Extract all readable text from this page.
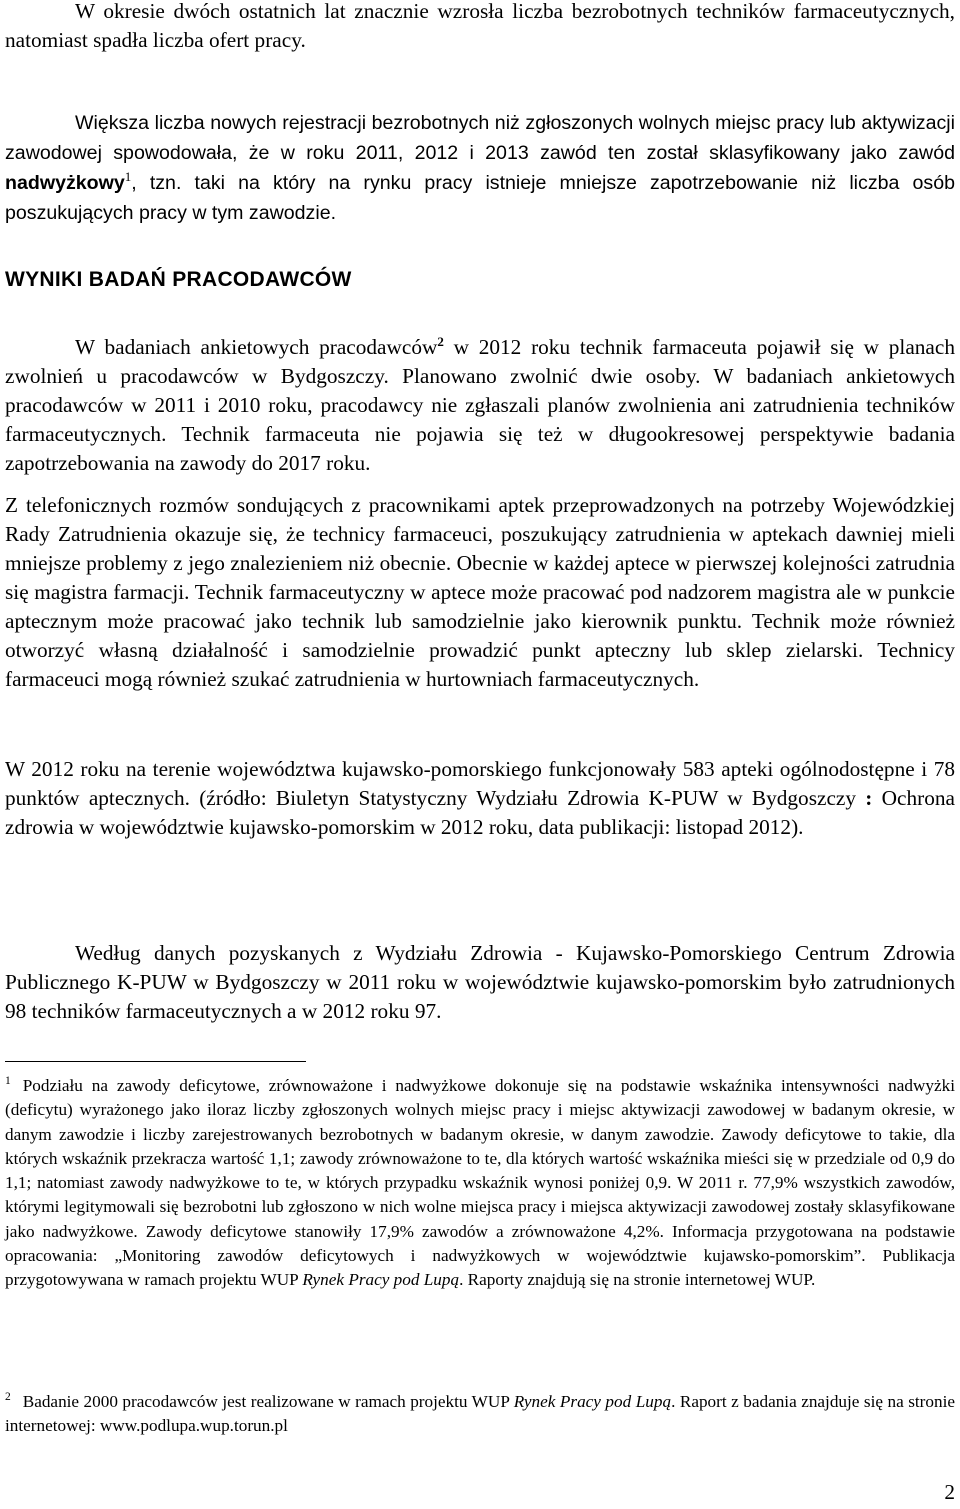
W okresie dwóch ostatnich lat znacznie wzrosła liczba bezrobotnych techników farmaceutycznych, natomiast spadła liczba ofert pracy.

Większa liczba nowych rejestracji bezrobotnych niż zgłoszonych wolnych miejsc pracy lub aktywizacji zawodowej spowodowała, że w roku 2011, 2012 i 2013 zawód ten został sklasyfikowany jako zawód nadwyżkowy$^1$, tzn. taki na który na rynku pracy istnieje mniejsze zapotrzebowanie niż liczba osób poszukujących pracy w tym zawodzie.

WYNIKI BADAŃ PRACODAWCÓW

W badaniach ankietowych pracodawców$^2$ w 2012 roku technik farmaceuta pojawił się w planach zwolnień u pracodawców w Bydgoszczy. Planowano zwolnić dwie osoby. W badaniach ankietowych pracodawców w 2011 i 2010 roku, pracodawcy nie zgłaszali planów zwolnienia ani zatrudnienia techników farmaceutycznych. Technik farmaceuta nie pojawia się też w długookresowej perspektywie badania zapotrzebowania na zawody do 2017 roku.

Z telefonicznych rozmów sondujących z pracownikami aptek przeprowadzonych na potrzeby Wojewódzkiej Rady Zatrudnienia okazuje się, że technicy farmaceuci, poszukujący zatrudnienia w aptekach dawniej mieli mniejsze problemy z jego znalezieniem niż obecnie. Obecnie w każdej aptece w pierwszej kolejności zatrudnia się magistra farmacji. Technik farmaceutyczny w aptece może pracować pod nadzorem magistra ale w punkcie aptecznym może pracować jako technik lub samodzielnie jako kierownik punktu. Technik może również otworzyć własną działalność i samodzielnie prowadzić punkt apteczny lub sklep zielarski. Technicy farmaceuci mogą również szukać zatrudnienia w hurtowniach farmaceutycznych.

W 2012 roku na terenie województwa kujawsko-pomorskiego funkcjonowały 583 apteki ogólnodostępne i 78 punktów aptecznych. (źródło: Biuletyn Statystyczny Wydziału Zdrowia K-PUW w Bydgoszczy : Ochrona zdrowia w województwie kujawsko-pomorskim w 2012 roku, data publikacji: listopad 2012).

Według danych pozyskanych z Wydziału Zdrowia - Kujawsko-Pomorskiego Centrum Zdrowia Publicznego K-PUW w Bydgoszczy w 2011 roku w województwie kujawsko-pomorskim było zatrudnionych 98 techników farmaceutycznych a w 2012 roku 97.

$^1$ Podziału na zawody deficytowe, zrównoważone i nadwyżkowe dokonuje się na podstawie wskaźnika intensywności nadwyżki (deficytu) wyrażonego jako iloraz liczby zgłoszonych wolnych miejsc pracy i miejsc aktywizacji zawodowej w badanym okresie, w danym zawodzie i liczby zarejestrowanych bezrobotnych w badanym okresie, w danym zawodzie. Zawody deficytowe to takie, dla których wskaźnik przekracza wartość 1,1; zawody zrównoważone to te, dla których wartość wskaźnika mieści się w przedziale od 0,9 do 1,1; natomiast zawody nadwyżkowe to te, w których przypadku wskaźnik wynosi poniżej 0,9. W 2011 r. 77,9% wszystkich zawodów, którymi legitymowali się bezrobotni lub zgłoszono w nich wolne miejsca pracy i miejsca aktywizacji zawodowej zostały sklasyfikowane jako nadwyżkowe. Zawody deficytowe stanowiły 17,9% zawodów a zrównoważone 4,2%. Informacja przygotowana na podstawie opracowania: „Monitoring zawodów deficytowych i nadwyżkowych w województwie kujawsko-pomorskim”. Publikacja przygotowywana w ramach projektu WUP Rynek Pracy pod Lupą. Raporty znajdują się na stronie internetowej WUP.

$^2$ Badanie 2000 pracodawców jest realizowane w ramach projektu WUP Rynek Pracy pod Lupą. Raport z badania znajduje się na stronie internetowej: www.podlupa.wup.torun.pl

2
